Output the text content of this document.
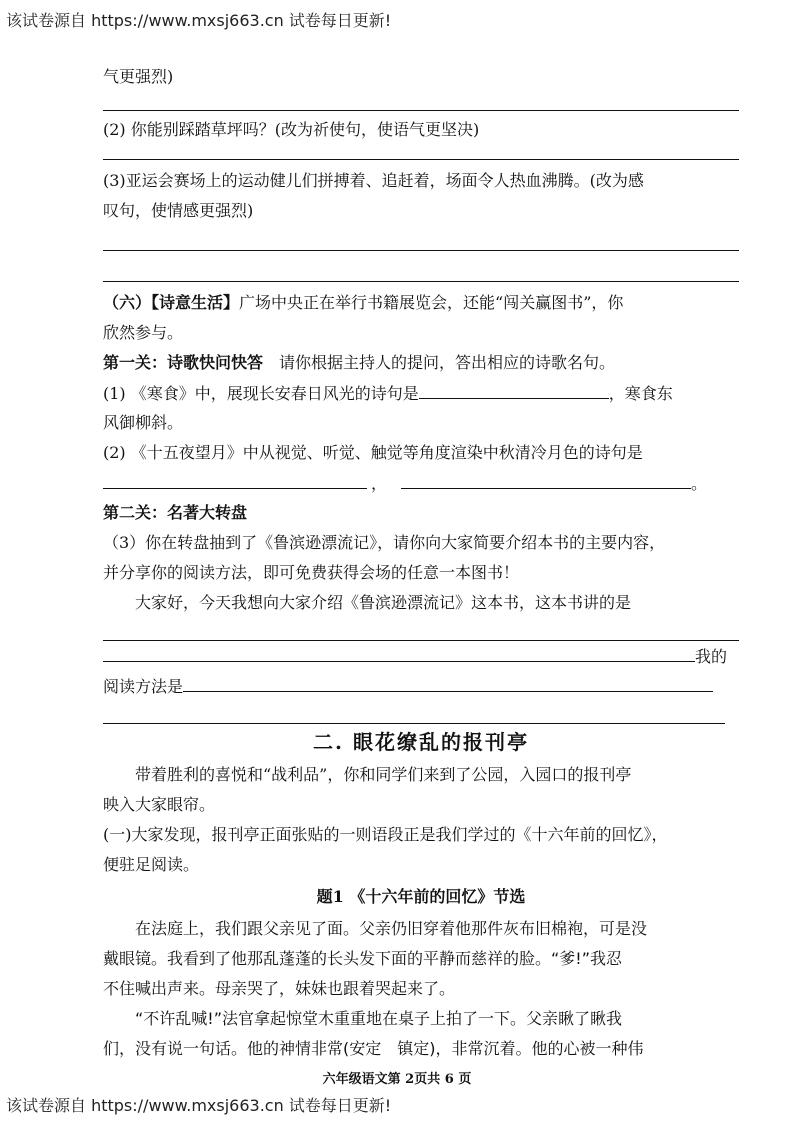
该试卷源自 https://www.mxsj663.cn 试卷每日更新!
气更强烈)
(2) 你能别踩踏草坪吗？(改为祈使句，使语气更坚决)
(3)亚运会赛场上的运动健儿们拼搏着、追赶着，场面令人热血沸腾。(改为感
叹句，使情感更强烈)
（六）【诗意生活】广场中央正在举行书籍展览会，还能“闯关赢图书”，你
欣然参与。
第一关：诗歌快问快答　请你根据主持人的提问，答出相应的诗歌名句。
(1) 《寒食》中，展现长安春日风光的诗句是	，寒食东
风御柳斜。
(2) 《十五夜望月》中从视觉、听觉、触觉等角度渲染中秋清冷月色的诗句是
，	。
第二关：名著大转盘
（3）你在转盘抽到了《鲁滨逊漂流记》，请你向大家简要介绍本书的主要内容，
并分享你的阅读方法，即可免费获得会场的任意一本图书！
大家好，今天我想向大家介绍《鲁滨逊漂流记》这本书，这本书讲的是
我的
阅读方法是
二. 眼花缭乱的报刊亭
带着胜利的喜悦和“战利品”，你和同学们来到了公园，入园口的报刊亭
映入大家眼帘。
(一)大家发现，报刊亭正面张贴的一则语段正是我们学过的《十六年前的回忆》，
便驻足阅读。
题1 《十六年前的回忆》节选
在法庭上，我们跟父亲见了面。父亲仍旧穿着他那件灰布旧棉袍，可是没
戴眼镜。我看到了他那乱蓬蓬的长头发下面的平静而慈祥的脸。“爹!”我忍
不住喊出声来。母亲哭了，妹妹也跟着哭起来了。
“不许乱喊!”法官拿起惊堂木重重地在桌子上拍了一下。父亲瞅了瞅我
们，没有说一句话。他的神情非常(安定　镇定)，非常沉着。他的心被一种伟
六年级语文第 2页共 6 页
该试卷源自 https://www.mxsj663.cn 试卷每日更新!
